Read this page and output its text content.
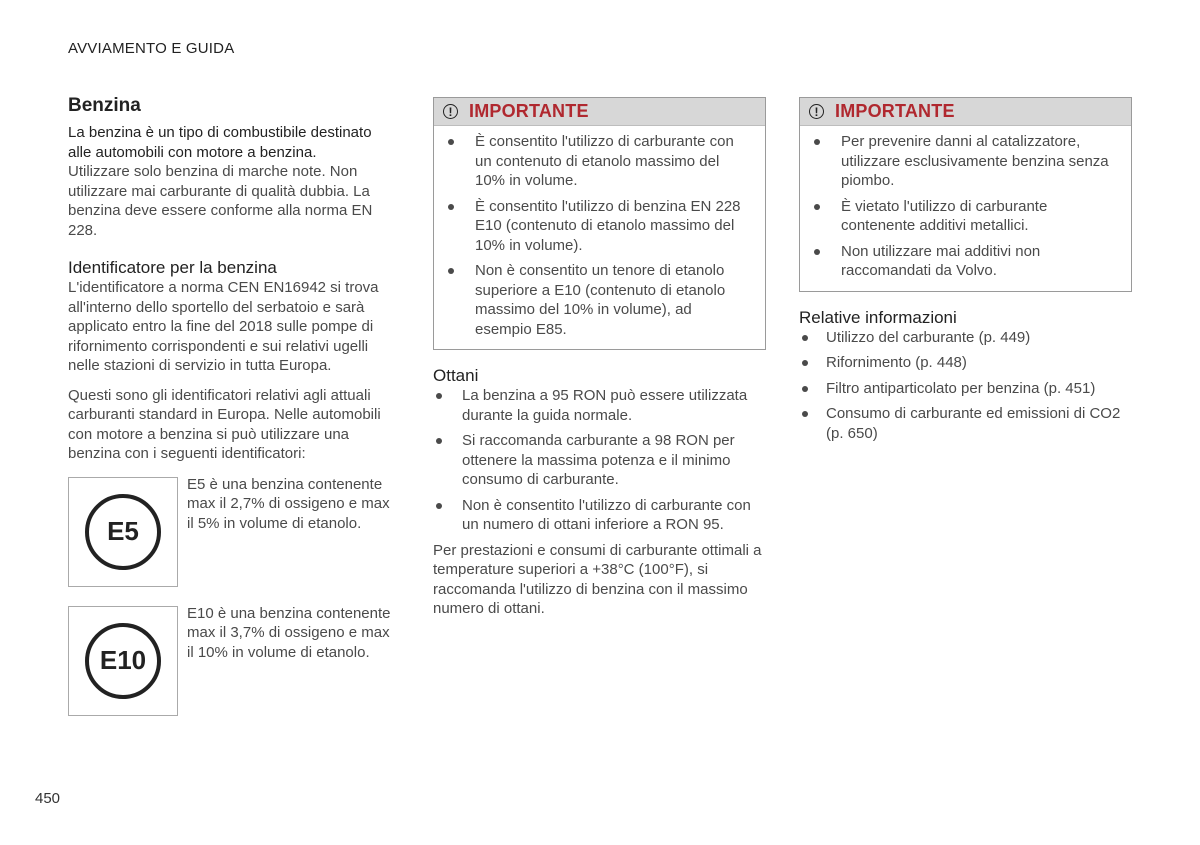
AVVIAMENTO E GUIDA
Benzina

La benzina è un tipo di combustibile destinato alle automobili con motore a benzina.

Utilizzare solo benzina di marche note. Non utilizzare mai carburante di qualità dubbia. La benzina deve essere conforme alla norma EN 228.

Identificatore per la benzina

L'identificatore a norma CEN EN16942 si trova all'interno dello sportello del serbatoio e sarà applicato entro la fine del 2018 sulle pompe di rifornimento corrispondenti e sui relativi ugelli nelle stazioni di servizio in tutta Europa.

Questi sono gli identificatori relativi agli attuali carburanti standard in Europa. Nelle automobili con motore a benzina si può utilizzare una benzina con i seguenti identificatori:

E5
E5 è una benzina contenente max il 2,7% di ossigeno e max il 5% in volume di etanolo.
E10
E10 è una benzina contenente max il 3,7% di ossigeno e max il 10% in volume di etanolo.
! IMPORTANTE
È consentito l'utilizzo di carburante con un contenuto di etanolo massimo del 10% in volume.
È consentito l'utilizzo di benzina EN 228 E10 (contenuto di etanolo massimo del 10% in volume).
Non è consentito un tenore di etanolo superiore a E10 (contenuto di etanolo massimo del 10% in volume), ad esempio E85.
Ottani
La benzina a 95 RON può essere utilizzata durante la guida normale.
Si raccomanda carburante a 98 RON per ottenere la massima potenza e il minimo consumo di carburante.
Non è consentito l'utilizzo di carburante con un numero di ottani inferiore a RON 95.

Per prestazioni e consumi di carburante ottimali a temperature superiori a +38°C (100°F), si raccomanda l'utilizzo di benzina con il massimo numero di ottani.

! IMPORTANTE
Per prevenire danni al catalizzatore, utilizzare esclusivamente benzina senza piombo.
È vietato l'utilizzo di carburante contenente additivi metallici.
Non utilizzare mai additivi non raccomandati da Volvo.
Relative informazioni
Utilizzo del carburante (p. 449)
Rifornimento (p. 448)
Filtro antiparticolato per benzina (p. 451)
Consumo di carburante ed emissioni di CO2 (p. 650)
450
